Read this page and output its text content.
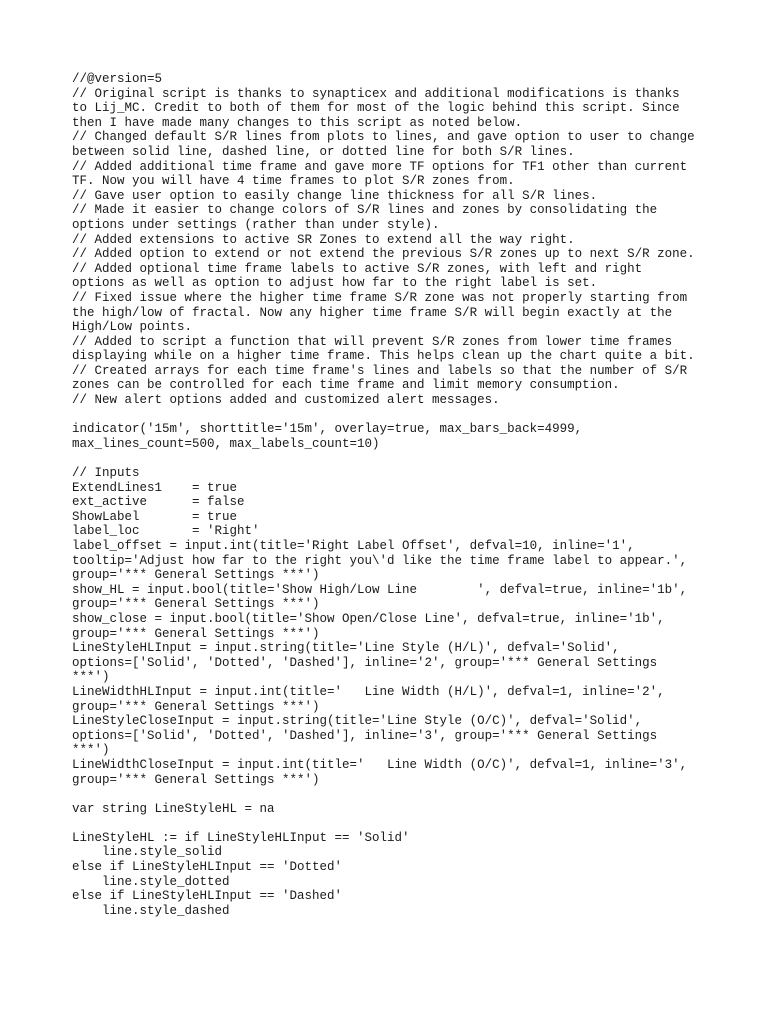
//@version=5
// Original script is thanks to synapticex and additional modifications is thanks
to Lij_MC. Credit to both of them for most of the logic behind this script. Since
then I have made many changes to this script as noted below.
// Changed default S/R lines from plots to lines, and gave option to user to change
between solid line, dashed line, or dotted line for both S/R lines.
// Added additional time frame and gave more TF options for TF1 other than current
TF. Now you will have 4 time frames to plot S/R zones from.
// Gave user option to easily change line thickness for all S/R lines.
// Made it easier to change colors of S/R lines and zones by consolidating the
options under settings (rather than under style).
// Added extensions to active SR Zones to extend all the way right.
// Added option to extend or not extend the previous S/R zones up to next S/R zone.
// Added optional time frame labels to active S/R zones, with left and right
options as well as option to adjust how far to the right label is set.
// Fixed issue where the higher time frame S/R zone was not properly starting from
the high/low of fractal. Now any higher time frame S/R will begin exactly at the
High/Low points.
// Added to script a function that will prevent S/R zones from lower time frames
displaying while on a higher time frame. This helps clean up the chart quite a bit.
// Created arrays for each time frame's lines and labels so that the number of S/R
zones can be controlled for each time frame and limit memory consumption.
// New alert options added and customized alert messages.
indicator('15m', shorttitle='15m', overlay=true, max_bars_back=4999,
max_lines_count=500, max_labels_count=10)
// Inputs
ExtendLines1    = true
ext_active      = false
ShowLabel       = true
label_loc       = 'Right'
label_offset = input.int(title='Right Label Offset', defval=10, inline='1',
tooltip='Adjust how far to the right you\'d like the time frame label to appear.',
group='*** General Settings ***')
show_HL = input.bool(title='Show High/Low Line        ', defval=true, inline='1b',
group='*** General Settings ***')
show_close = input.bool(title='Show Open/Close Line', defval=true, inline='1b',
group='*** General Settings ***')
LineStyleHLInput = input.string(title='Line Style (H/L)', defval='Solid',
options=['Solid', 'Dotted', 'Dashed'], inline='2', group='*** General Settings
***')
LineWidthHLInput = input.int(title='   Line Width (H/L)', defval=1, inline='2',
group='*** General Settings ***')
LineStyleCloseInput = input.string(title='Line Style (O/C)', defval='Solid',
options=['Solid', 'Dotted', 'Dashed'], inline='3', group='*** General Settings
***')
LineWidthCloseInput = input.int(title='   Line Width (O/C)', defval=1, inline='3',
group='*** General Settings ***')
var string LineStyleHL = na
LineStyleHL := if LineStyleHLInput == 'Solid'
line.style_solid
else if LineStyleHLInput == 'Dotted'
line.style_dotted
else if LineStyleHLInput == 'Dashed'
line.style_dashed
